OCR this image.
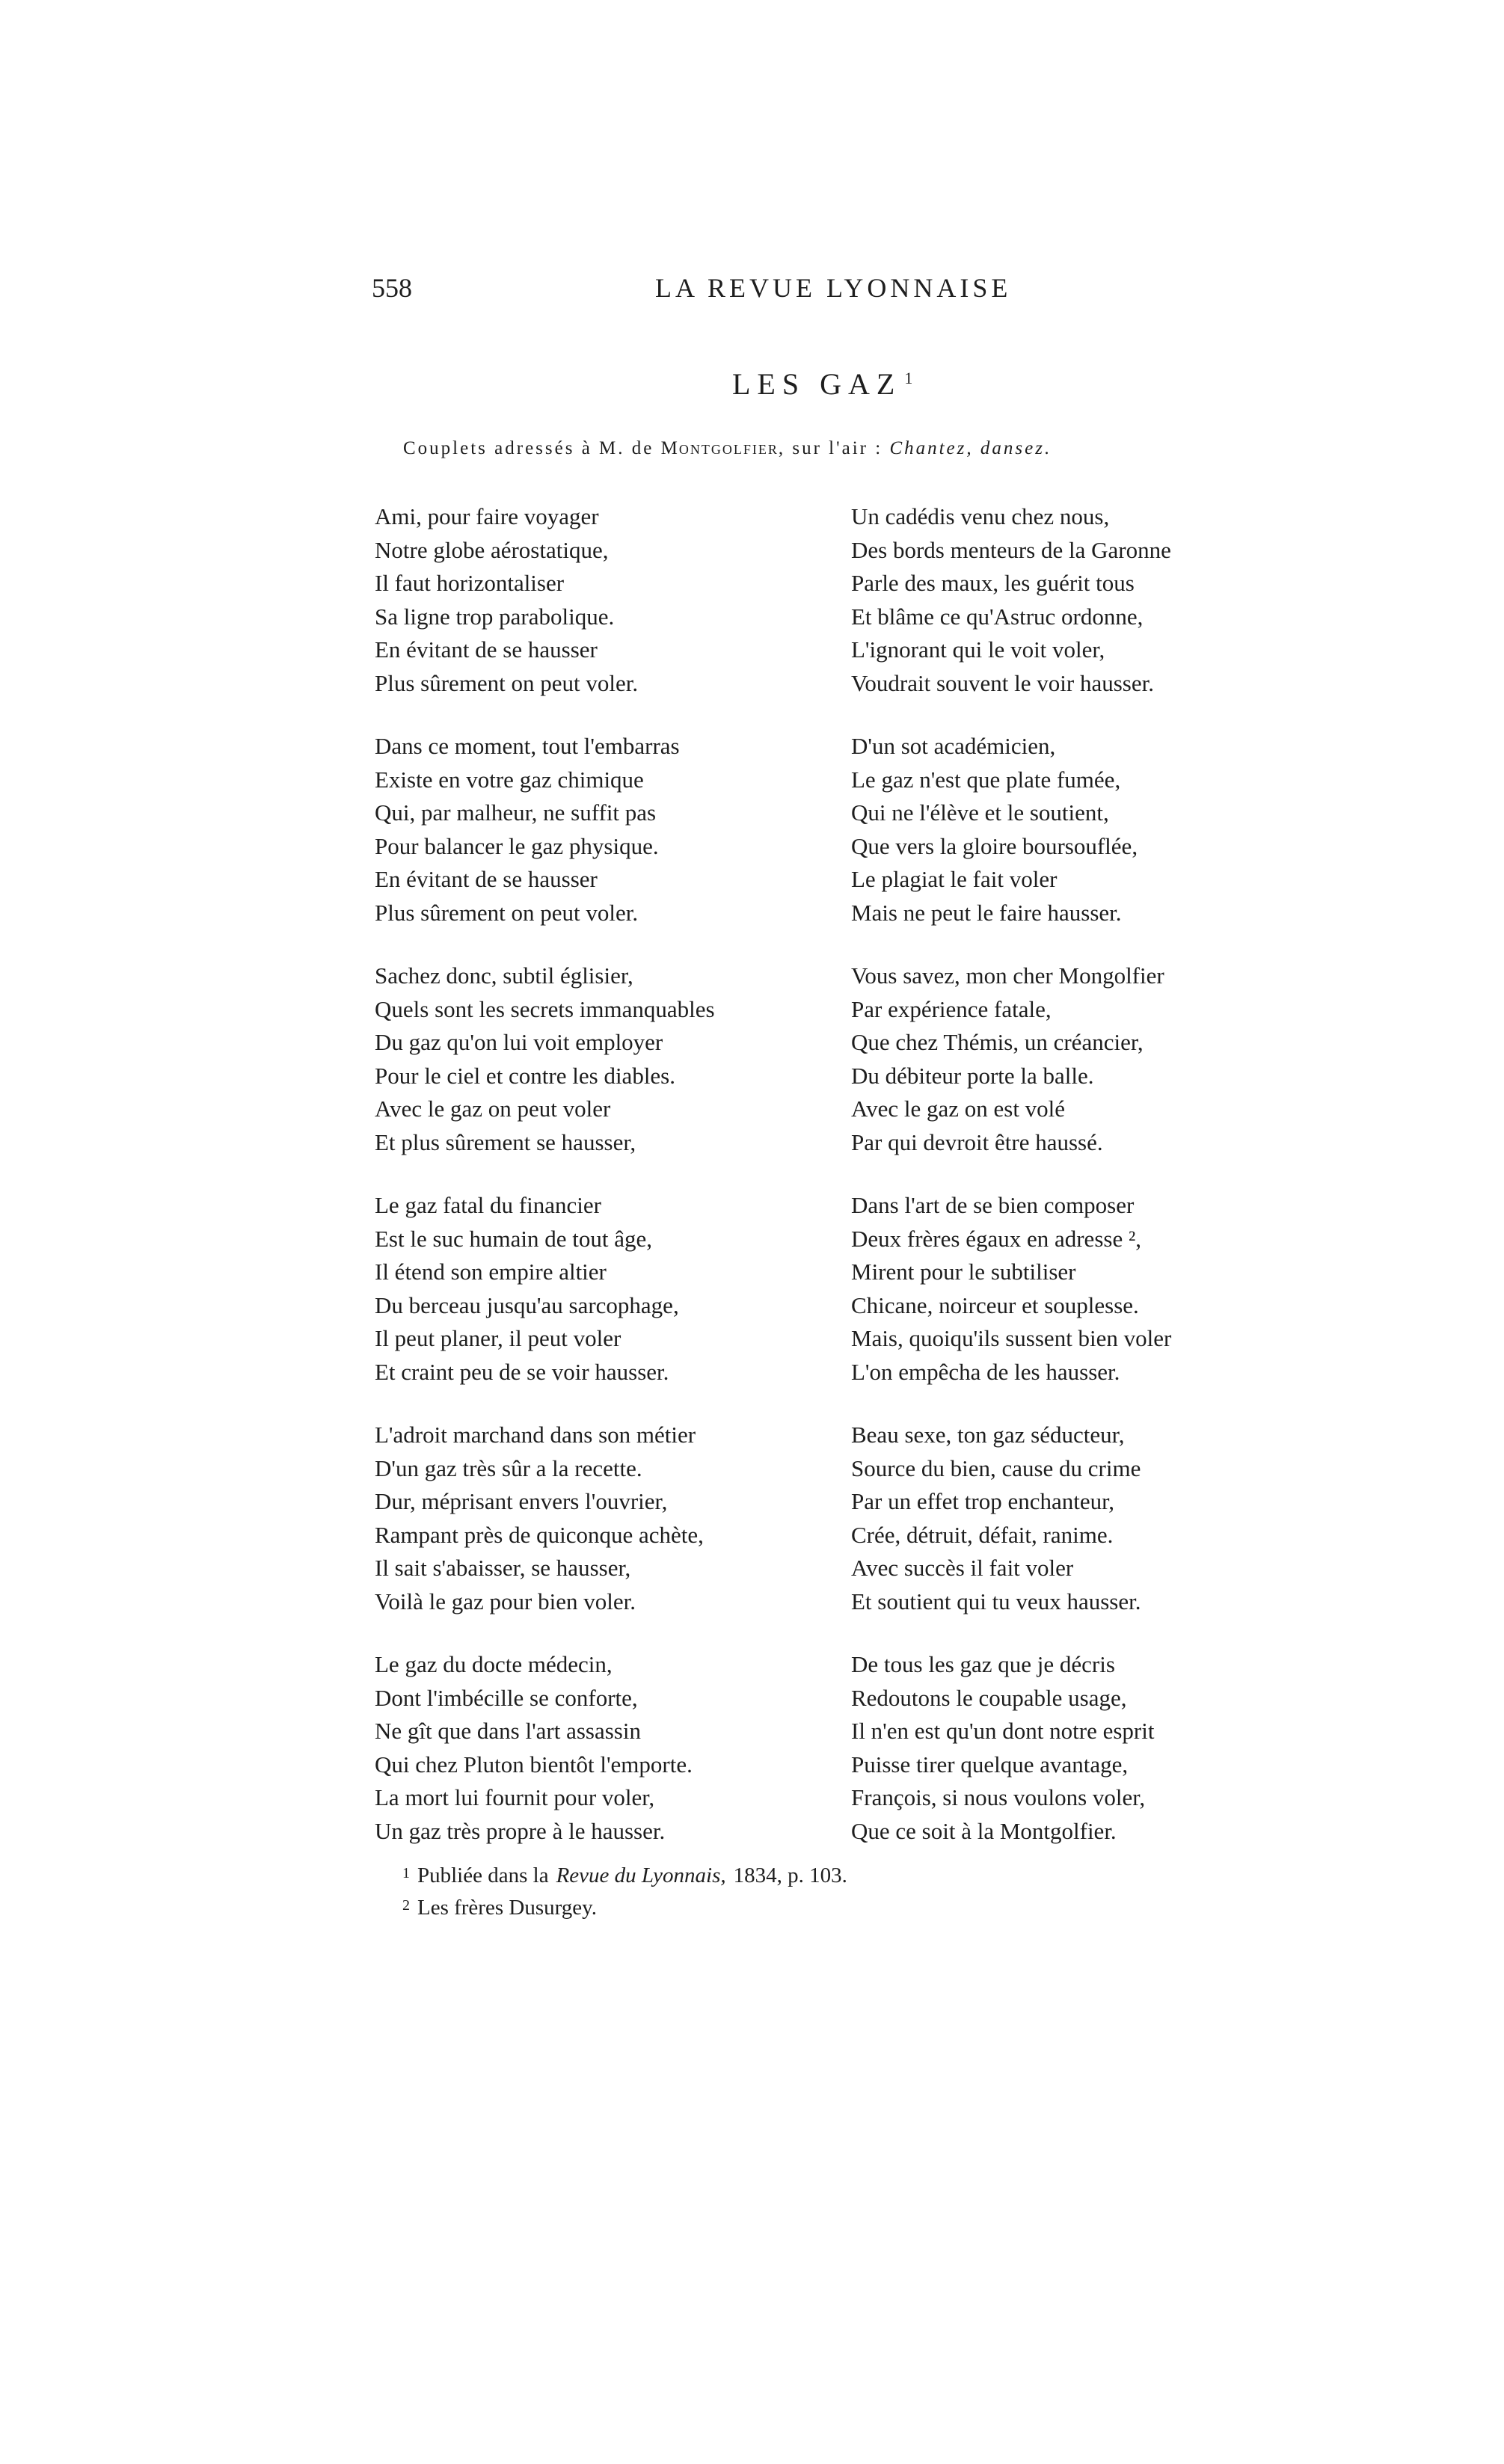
558	LA REVUE LYONNAISE
LES GAZ $^1$
Couplets adressés à M. de Montgolfier, sur l'air : Chantez, dansez.
Ami, pour faire voyager
Notre globe aérostatique,
Il faut horizontaliser
Sa ligne trop parabolique.
En évitant de se hausser
Plus sûrement on peut voler.
Dans ce moment, tout l'embarras
Existe en votre gaz chimique
Qui, par malheur, ne suffit pas
Pour balancer le gaz physique.
En évitant de se hausser
Plus sûrement on peut voler.
Sachez donc, subtil églisier,
Quels sont les secrets immanquables
Du gaz qu'on lui voit employer
Pour le ciel et contre les diables.
Avec le gaz on peut voler
Et plus sûrement se hausser,
Le gaz fatal du financier
Est le suc humain de tout âge,
Il étend son empire altier
Du berceau jusqu'au sarcophage,
Il peut planer, il peut voler
Et craint peu de se voir hausser.
L'adroit marchand dans son métier
D'un gaz très sûr a la recette.
Dur, méprisant envers l'ouvrier,
Rampant près de quiconque achète,
Il sait s'abaisser, se hausser,
Voilà le gaz pour bien voler.
Le gaz du docte médecin,
Dont l'imbécille se conforte,
Ne gît que dans l'art assassin
Qui chez Pluton bientôt l'emporte.
La mort lui fournit pour voler,
Un gaz très propre à le hausser.
Un cadédis venu chez nous,
Des bords menteurs de la Garonne
Parle des maux, les guérit tous
Et blâme ce qu'Astruc ordonne,
L'ignorant qui le voit voler,
Voudrait souvent le voir hausser.
D'un sot académicien,
Le gaz n'est que plate fumée,
Qui ne l'élève et le soutient,
Que vers la gloire boursouflée,
Le plagiat le fait voler
Mais ne peut le faire hausser.
Vous savez, mon cher Mongolfier
Par expérience fatale,
Que chez Thémis, un créancier,
Du débiteur porte la balle.
Avec le gaz on est volé
Par qui devroit être haussé.
Dans l'art de se bien composer
Deux frères égaux en adresse ²,
Mirent pour le subtiliser
Chicane, noirceur et souplesse.
Mais, quoiqu'ils sussent bien voler
L'on empêcha de les hausser.
Beau sexe, ton gaz séducteur,
Source du bien, cause du crime
Par un effet trop enchanteur,
Crée, détruit, défait, ranime.
Avec succès il fait voler
Et soutient qui tu veux hausser.
De tous les gaz que je décris
Redoutons le coupable usage,
Il n'en est qu'un dont notre esprit
Puisse tirer quelque avantage,
François, si nous voulons voler,
Que ce soit à la Montgolfier.
$^1$ Publiée dans la Revue du Lyonnais, 1834, p. 103.
$^2$ Les frères Dusurgey.
